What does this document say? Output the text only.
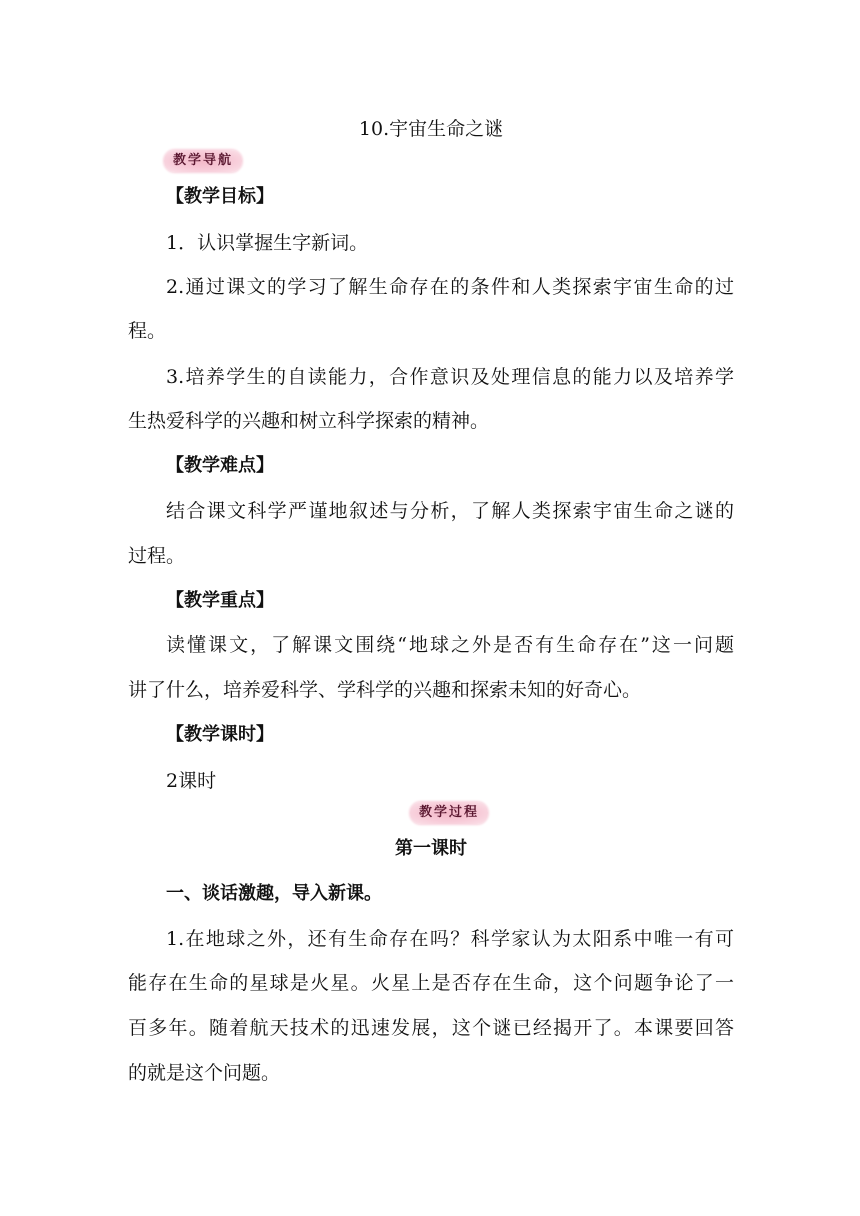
10.宇宙生命之谜
教学导航
【教学目标】
1．认识掌握生字新词。
2.通过课文的学习了解生命存在的条件和人类探索宇宙生命的过
程。
3.培养学生的自读能力，合作意识及处理信息的能力以及培养学
生热爱科学的兴趣和树立科学探索的精神。
【教学难点】
结合课文科学严谨地叙述与分析，了解人类探索宇宙生命之谜的
过程。
【教学重点】
读懂课文，了解课文围绕“地球之外是否有生命存在”这一问题
讲了什么，培养爱科学、学科学的兴趣和探索未知的好奇心。
【教学课时】
2课时
教学过程
第一课时
一、谈话激趣，导入新课。
1.在地球之外，还有生命存在吗？科学家认为太阳系中唯一有可
能存在生命的星球是火星。火星上是否存在生命，这个问题争论了一
百多年。随着航天技术的迅速发展，这个谜已经揭开了。本课要回答
的就是这个问题。
